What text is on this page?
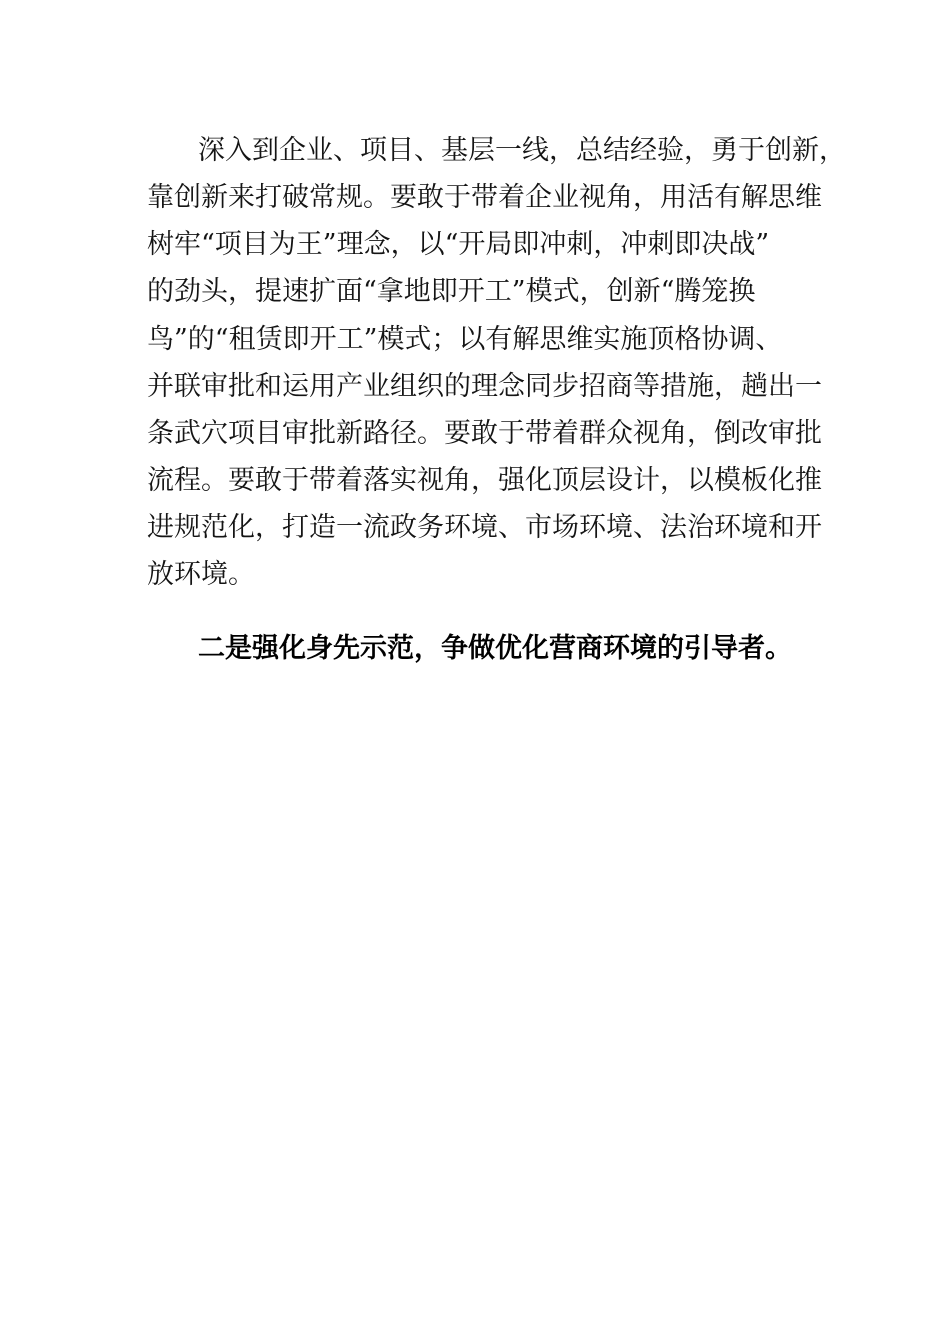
深入到企业、项目、基层一线，总结经验，勇于创新，
靠创新来打破常规。要敢于带着企业视角，用活有解思维
树牢“项目为王”理念，以“开局即冲刺，冲刺即决战”
的劲头，提速扩面“拿地即开工”模式，创新“腾笼换
鸟”的“租赁即开工”模式；以有解思维实施顶格协调、
并联审批和运用产业组织的理念同步招商等措施，趟出一
条武穴项目审批新路径。要敢于带着群众视角，倒改审批
流程。要敢于带着落实视角，强化顶层设计，以模板化推
进规范化，打造一流政务环境、市场环境、法治环境和开
放环境。
二是强化身先示范，争做优化营商环境的引导者。
